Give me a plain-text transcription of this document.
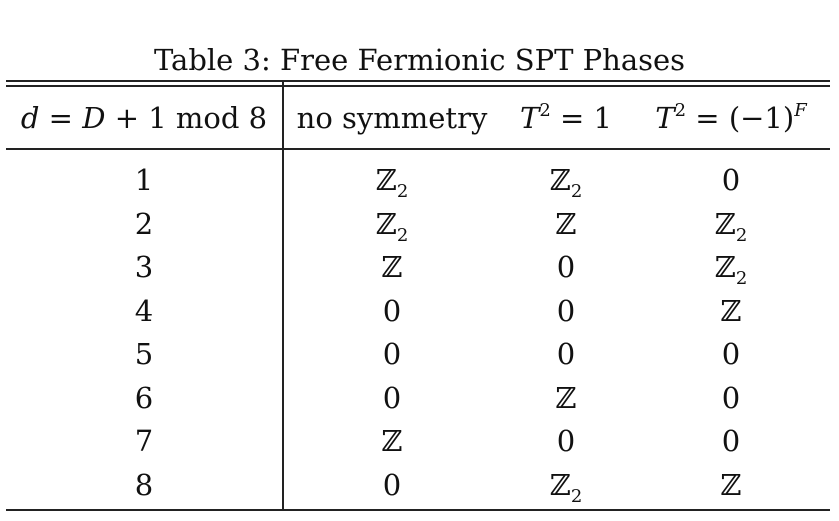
Table 3: Free Fermionic SPT Phases
d = D + 1 mod 8	no symmetry	$T^2 = 1$	$T^2 = (-1)^F$
1	ℤ$_2$	ℤ$_2$	0
2	ℤ$_2$	ℤ	ℤ$_2$
3	ℤ	0	ℤ$_2$
4	0	0	ℤ
5	0	0	0
6	0	ℤ	0
7	ℤ	0	0
8	0	ℤ$_2$	ℤ
